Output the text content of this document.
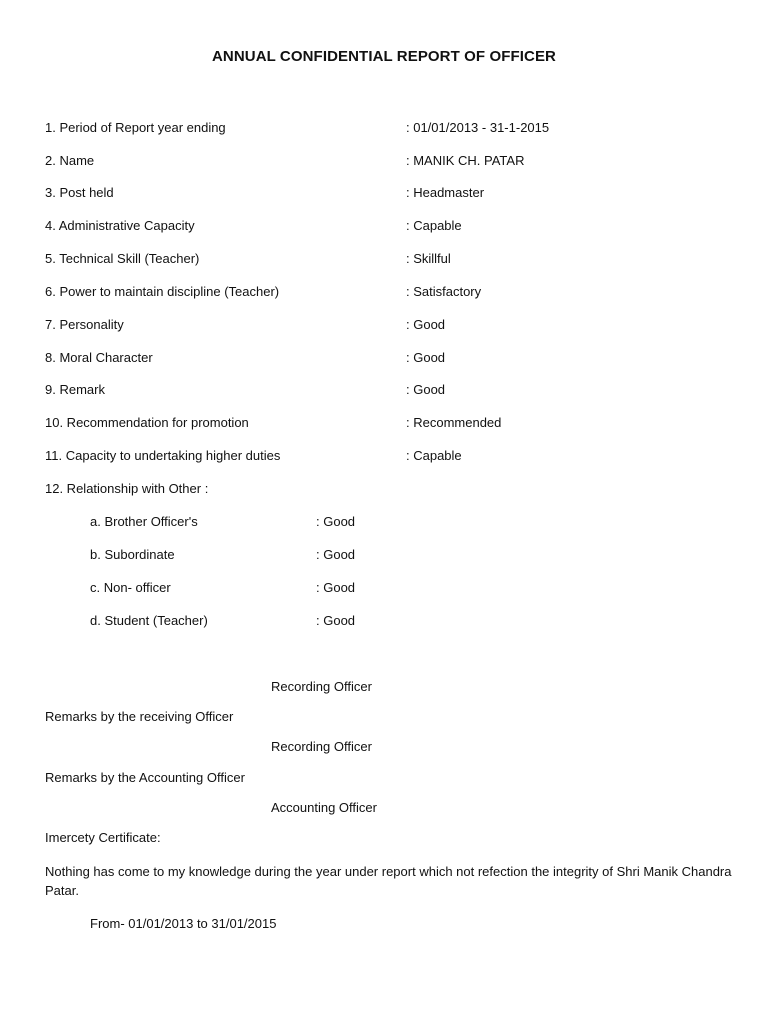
ANNUAL CONFIDENTIAL REPORT OF OFFICER
1. Period of Report year ending	: 01/01/2013 - 31-1-2015
2. Name	: MANIK CH. PATAR
3. Post held	: Headmaster
4. Administrative Capacity	: Capable
5. Technical Skill (Teacher)	: Skillful
6. Power to maintain discipline (Teacher)	: Satisfactory
7. Personality	: Good
8. Moral Character	: Good
9. Remark	: Good
10. Recommendation for promotion	: Recommended
11. Capacity to undertaking higher duties	: Capable
12. Relationship with Other :
a. Brother Officer's	: Good
b. Subordinate	: Good
c. Non- officer	: Good
d. Student (Teacher)	: Good
Recording Officer
Remarks by the receiving Officer
Recording Officer
Remarks by the Accounting Officer
Accounting Officer
Imercety Certificate:
Nothing has come to my knowledge during the year under report which not refection the integrity of Shri Manik Chandra Patar.
From- 01/01/2013 to 31/01/2015
